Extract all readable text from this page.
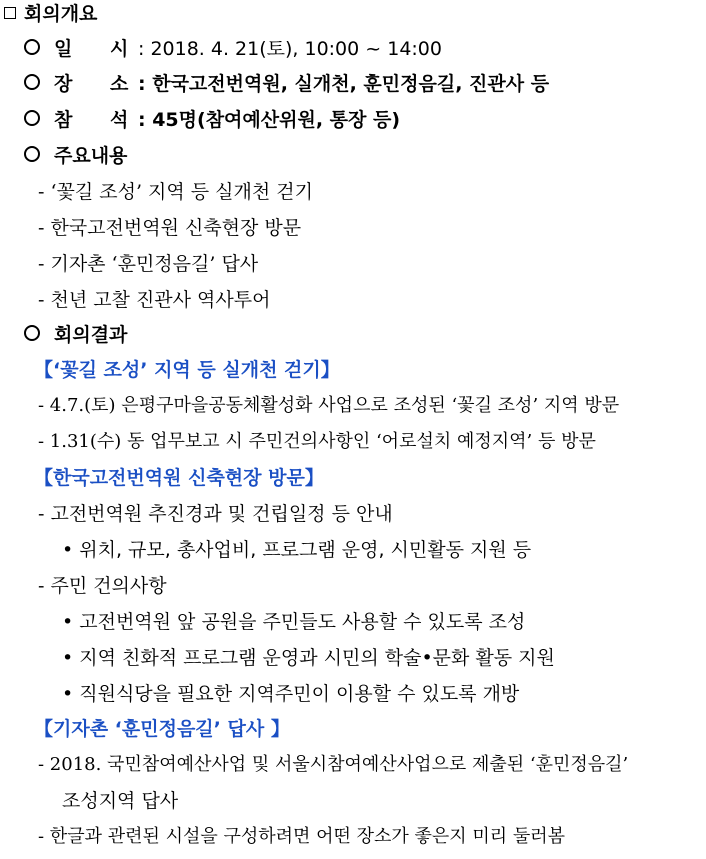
회의개요
일 시 : 2018. 4. 21(토), 10:00 ~ 14:00
장 소 : 한국고전번역원, 실개천, 훈민정음길, 진관사 등
참 석 : 45명(참여예산위원, 통장 등)
주요내용
- ‘꽃길 조성’ 지역 등 실개천 걷기
- 한국고전번역원 신축현장 방문
- 기자촌 ‘훈민정음길’ 답사
- 천년 고찰 진관사 역사투어
회의결과
【‘꽃길 조성’ 지역 등 실개천 걷기】
- 4.7.(토) 은평구마을공동체활성화 사업으로 조성된 ‘꽃길 조성’ 지역 방문
- 1.31(수) 동 업무보고 시 주민건의사항인 ‘어로설치 예정지역’ 등 방문
【한국고전번역원 신축현장 방문】
- 고전번역원 추진경과 및 건립일정 등 안내
• 위치, 규모, 총사업비, 프로그램 운영, 시민활동 지원 등
- 주민 건의사항
• 고전번역원 앞 공원을 주민들도 사용할 수 있도록 조성
• 지역 친화적 프로그램 운영과 시민의 학술•문화 활동 지원
• 직원식당을 필요한 지역주민이 이용할 수 있도록 개방
【기자촌 ‘훈민정음길’ 답사 】
- 2018. 국민참여예산사업 및 서울시참여예산사업으로 제출된 ‘훈민정음길’
조성지역 답사
- 한글과 관련된 시설을 구성하려면 어떤 장소가 좋은지 미리 둘러봄
